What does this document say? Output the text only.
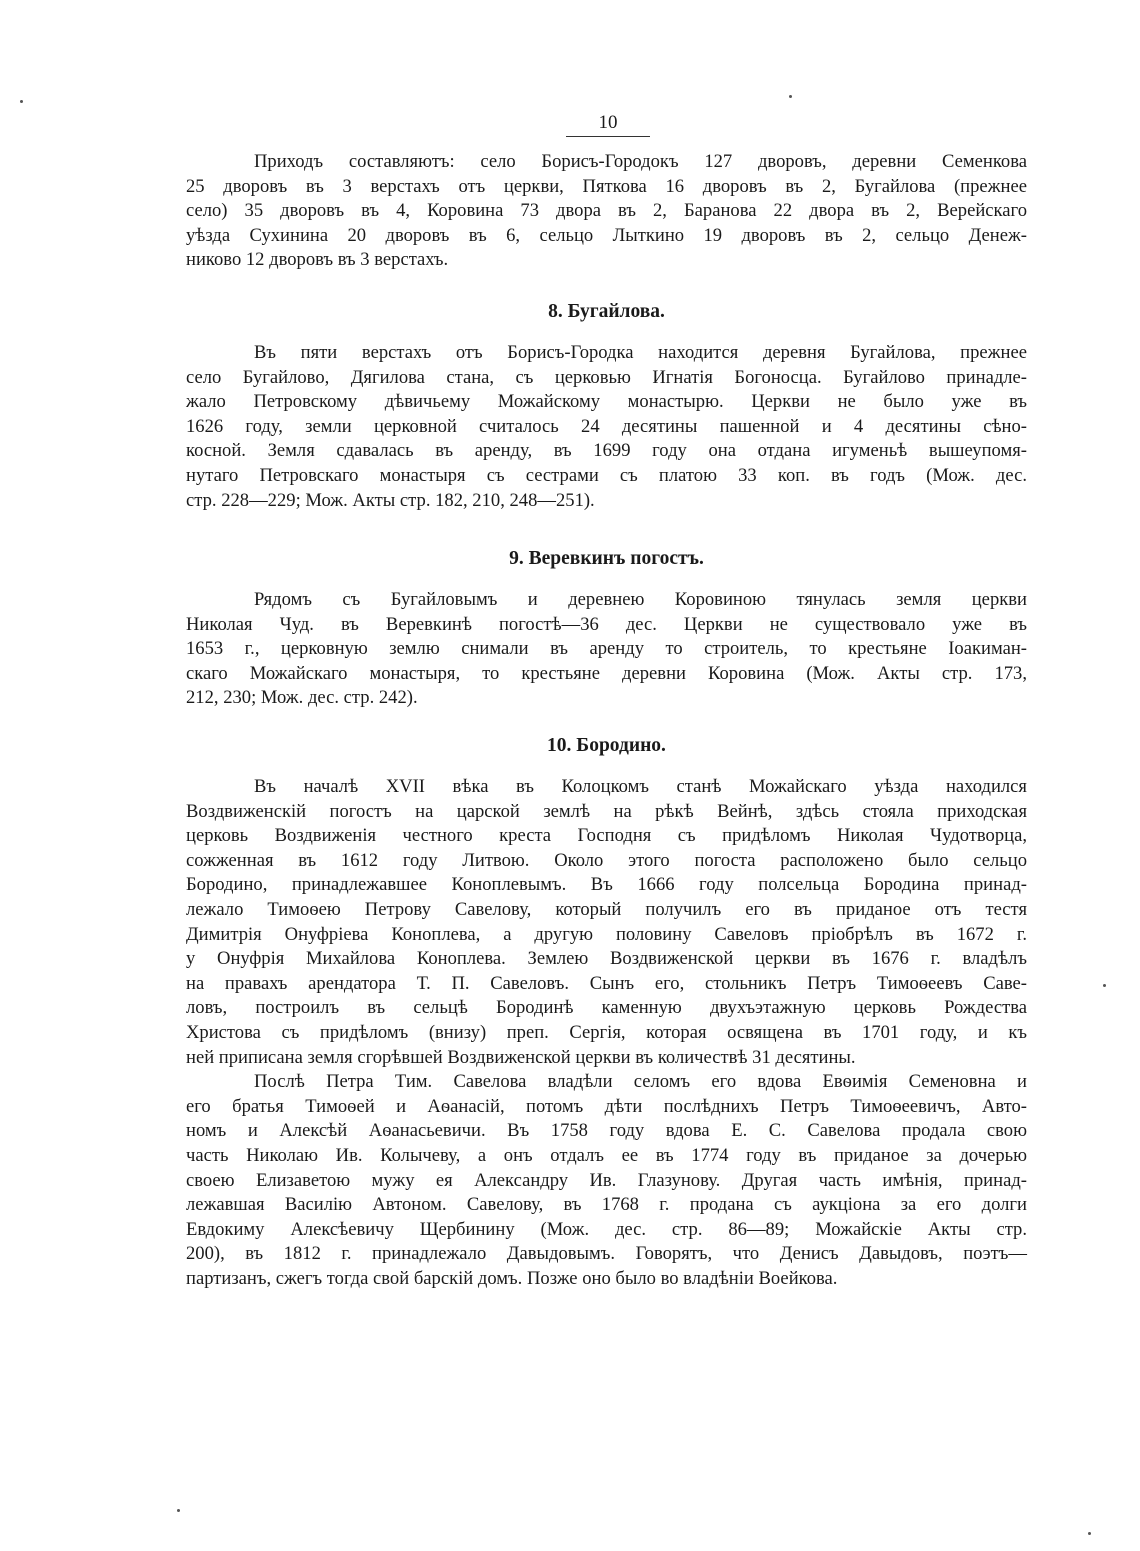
10
Приходъ составляютъ: село Борисъ-Городокъ 127 дворовъ, деревни Семенкова
25 дворовъ въ 3 верстахъ отъ церкви, Пяткова 16 дворовъ въ 2, Бугайлова (прежнее
село) 35 дворовъ въ 4, Коровина 73 двора въ 2, Баранова 22 двора въ 2, Верейскаго
уѣзда Сухинина 20 дворовъ въ 6, сельцо Лыткино 19 дворовъ въ 2, сельцо Денеж-
никово 12 дворовъ въ 3 верстахъ.
8. Бугайлова.
Въ пяти верстахъ отъ Борисъ-Городка находится деревня Бугайлова, прежнее
село Бугайлово, Дягилова стана, съ церковью Игнатія Богоносца. Бугайлово принадле-
жало Петровскому дѣвичьему Можайскому монастырю. Церкви не было уже въ
1626 году, земли церковной считалось 24 десятины пашенной и 4 десятины сѣно-
косной. Земля сдавалась въ аренду, въ 1699 году она отдана игуменьѣ вышеупомя-
нутаго Петровскаго монастыря съ сестрами съ платою 33 коп. въ годъ (Мож. дес.
стр. 228—229; Мож. Акты стр. 182, 210, 248—251).
9. Веревкинъ погостъ.
Рядомъ съ Бугайловымъ и деревнею Коровиною тянулась земля церкви
Николая Чуд. въ Веревкинѣ погостѣ—36 дес. Церкви не существовало уже въ
1653 г., церковную землю снимали въ аренду то строитель, то крестьяне Іоакиман-
скаго Можайскаго монастыря, то крестьяне деревни Коровина (Мож. Акты стр. 173,
212, 230; Мож. дес. стр. 242).
10. Бородино.
Въ началѣ XVII вѣка въ Колоцкомъ станѣ Можайскаго уѣзда находился
Воздвиженскій погостъ на царской землѣ на рѣкѣ Вейнѣ, здѣсь стояла приходская
церковь Воздвиженія честного креста Господня съ придѣломъ Николая Чудотворца,
сожженная въ 1612 году Литвою. Около этого погоста расположено было сельцо
Бородино, принадлежавшее Коноплевымъ. Въ 1666 году полсельца Бородина принад-
лежало Тимоѳею Петрову Савелову, который получилъ его въ приданое отъ тестя
Димитрія Онуфріева Коноплева, а другую половину Савеловъ пріобрѣлъ въ 1672 г.
у Онуфрія Михайлова Коноплева. Землею Воздвиженской церкви въ 1676 г. владѣлъ
на правахъ арендатора Т. П. Савеловъ. Сынъ его, стольникъ Петръ Тимоѳеевъ Саве-
ловъ, построилъ въ сельцѣ Бородинѣ каменную двухъэтажную церковь Рождества
Христова съ придѣломъ (внизу) преп. Сергія, которая освящена въ 1701 году, и къ
ней приписана земля сгорѣвшей Воздвиженской церкви въ количествѣ 31 десятины.
Послѣ Петра Тим. Савелова владѣли селомъ его вдова Евѳимія Семеновна и
его братья Тимоѳей и Аѳанасій, потомъ дѣти послѣднихъ Петръ Тимоѳеевичъ, Авто-
номъ и Алексѣй Аѳанасьевичи. Въ 1758 году вдова Е. С. Савелова продала свою
часть Николаю Ив. Колычеву, а онъ отдалъ ее въ 1774 году въ приданое за дочерью
своею Елизаветою мужу ея Александру Ив. Глазунову. Другая часть имѣнія, принад-
лежавшая Василію Автоном. Савелову, въ 1768 г. продана съ аукціона за его долги
Евдокиму Алексѣевичу Щербинину (Мож. дес. стр. 86—89; Можайскіе Акты стр.
200), въ 1812 г. принадлежало Давыдовымъ. Говорятъ, что Денисъ Давыдовъ, поэтъ—
партизанъ, сжегъ тогда свой барскій домъ. Позже оно было во владѣніи Воейкова.
